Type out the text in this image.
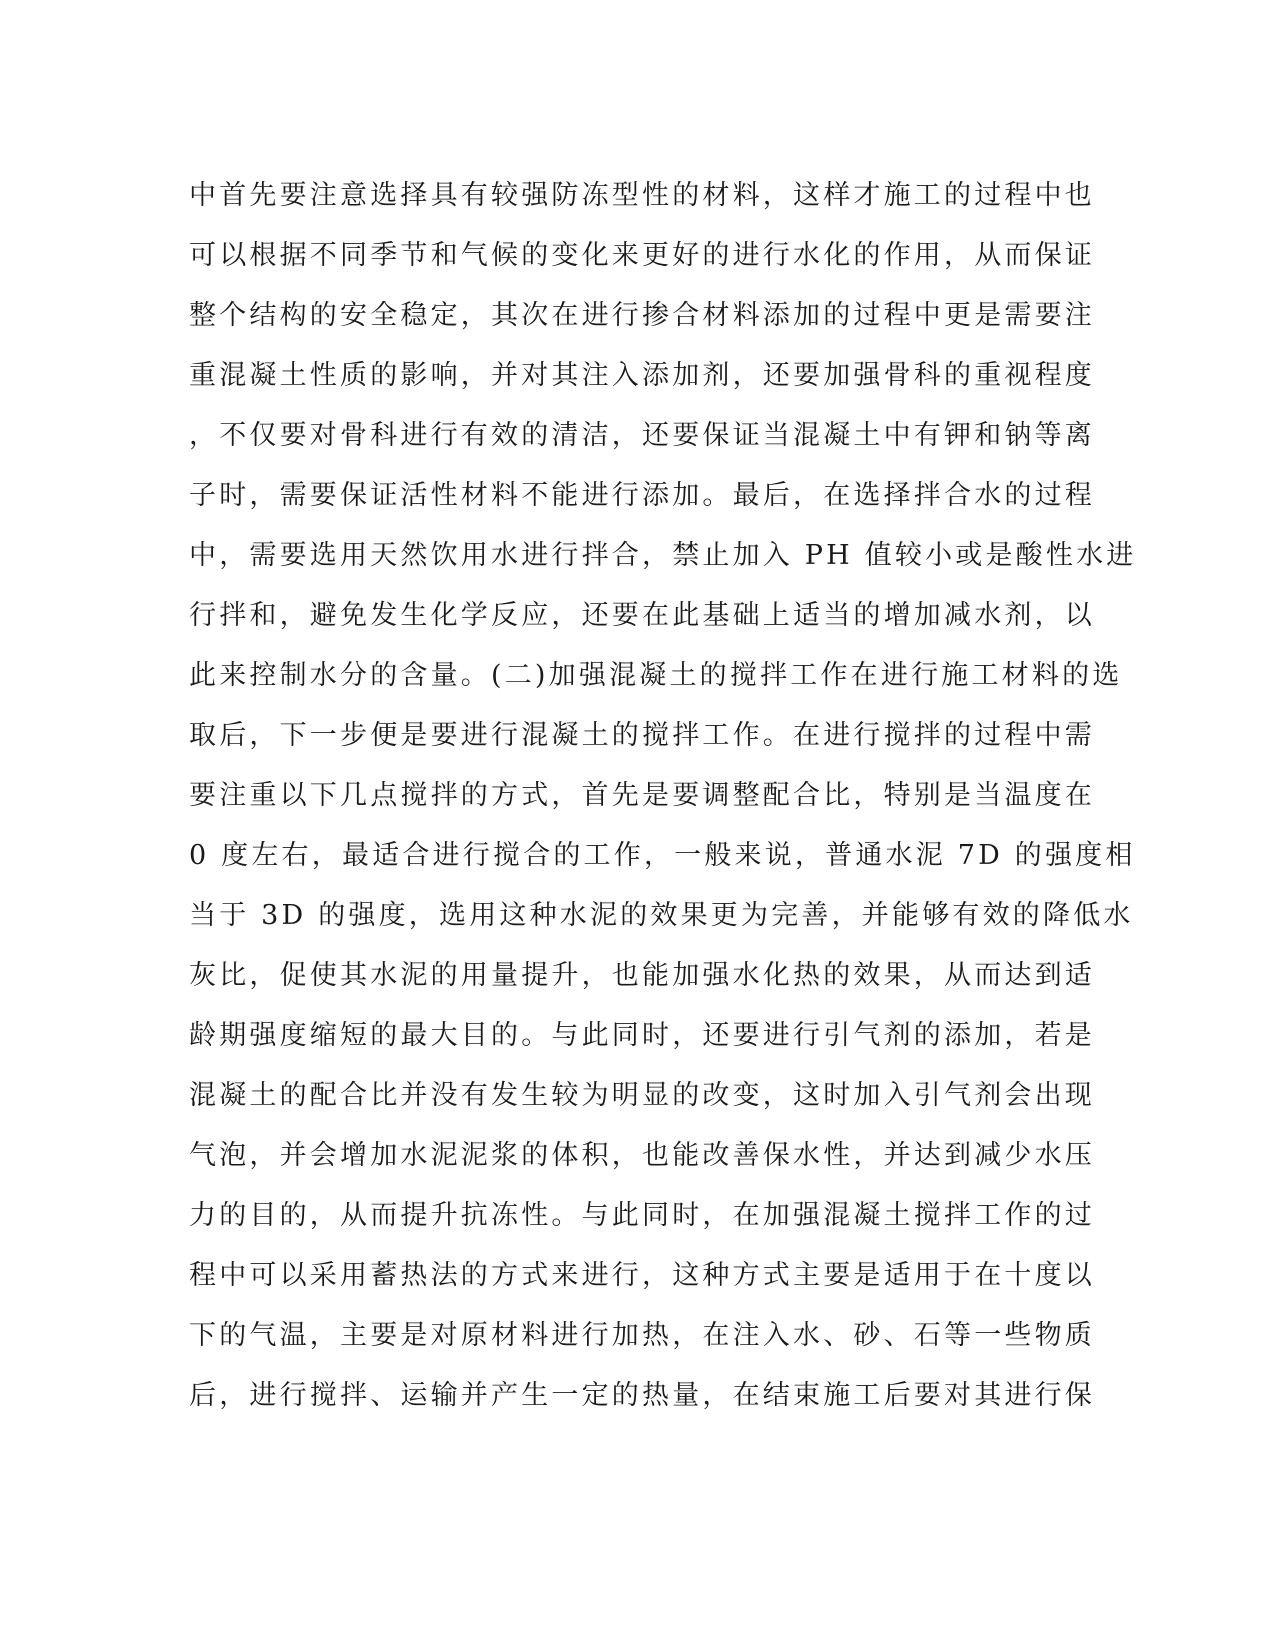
中首先要注意选择具有较强防冻型性的材料，这样才施工的过程中也
可以根据不同季节和气候的变化来更好的进行水化的作用，从而保证
整个结构的安全稳定，其次在进行掺合材料添加的过程中更是需要注
重混凝土性质的影响，并对其注入添加剂，还要加强骨科的重视程度
，不仅要对骨科进行有效的清洁，还要保证当混凝土中有钾和钠等离
子时，需要保证活性材料不能进行添加。最后，在选择拌合水的过程
中，需要选用天然饮用水进行拌合，禁止加入 PH 值较小或是酸性水进
行拌和，避免发生化学反应，还要在此基础上适当的增加减水剂，以
此来控制水分的含量。(二)加强混凝土的搅拌工作在进行施工材料的选
取后，下一步便是要进行混凝土的搅拌工作。在进行搅拌的过程中需
要注重以下几点搅拌的方式，首先是要调整配合比，特别是当温度在
0 度左右，最适合进行搅合的工作，一般来说，普通水泥 7D 的强度相
当于 3D 的强度，选用这种水泥的效果更为完善，并能够有效的降低水
灰比，促使其水泥的用量提升，也能加强水化热的效果，从而达到适
龄期强度缩短的最大目的。与此同时，还要进行引气剂的添加，若是
混凝土的配合比并没有发生较为明显的改变，这时加入引气剂会出现
气泡，并会增加水泥泥浆的体积，也能改善保水性，并达到减少水压
力的目的，从而提升抗冻性。与此同时，在加强混凝土搅拌工作的过
程中可以采用蓄热法的方式来进行，这种方式主要是适用于在十度以
下的气温，主要是对原材料进行加热，在注入水、砂、石等一些物质
后，进行搅拌、运输并产生一定的热量，在结束施工后要对其进行保
